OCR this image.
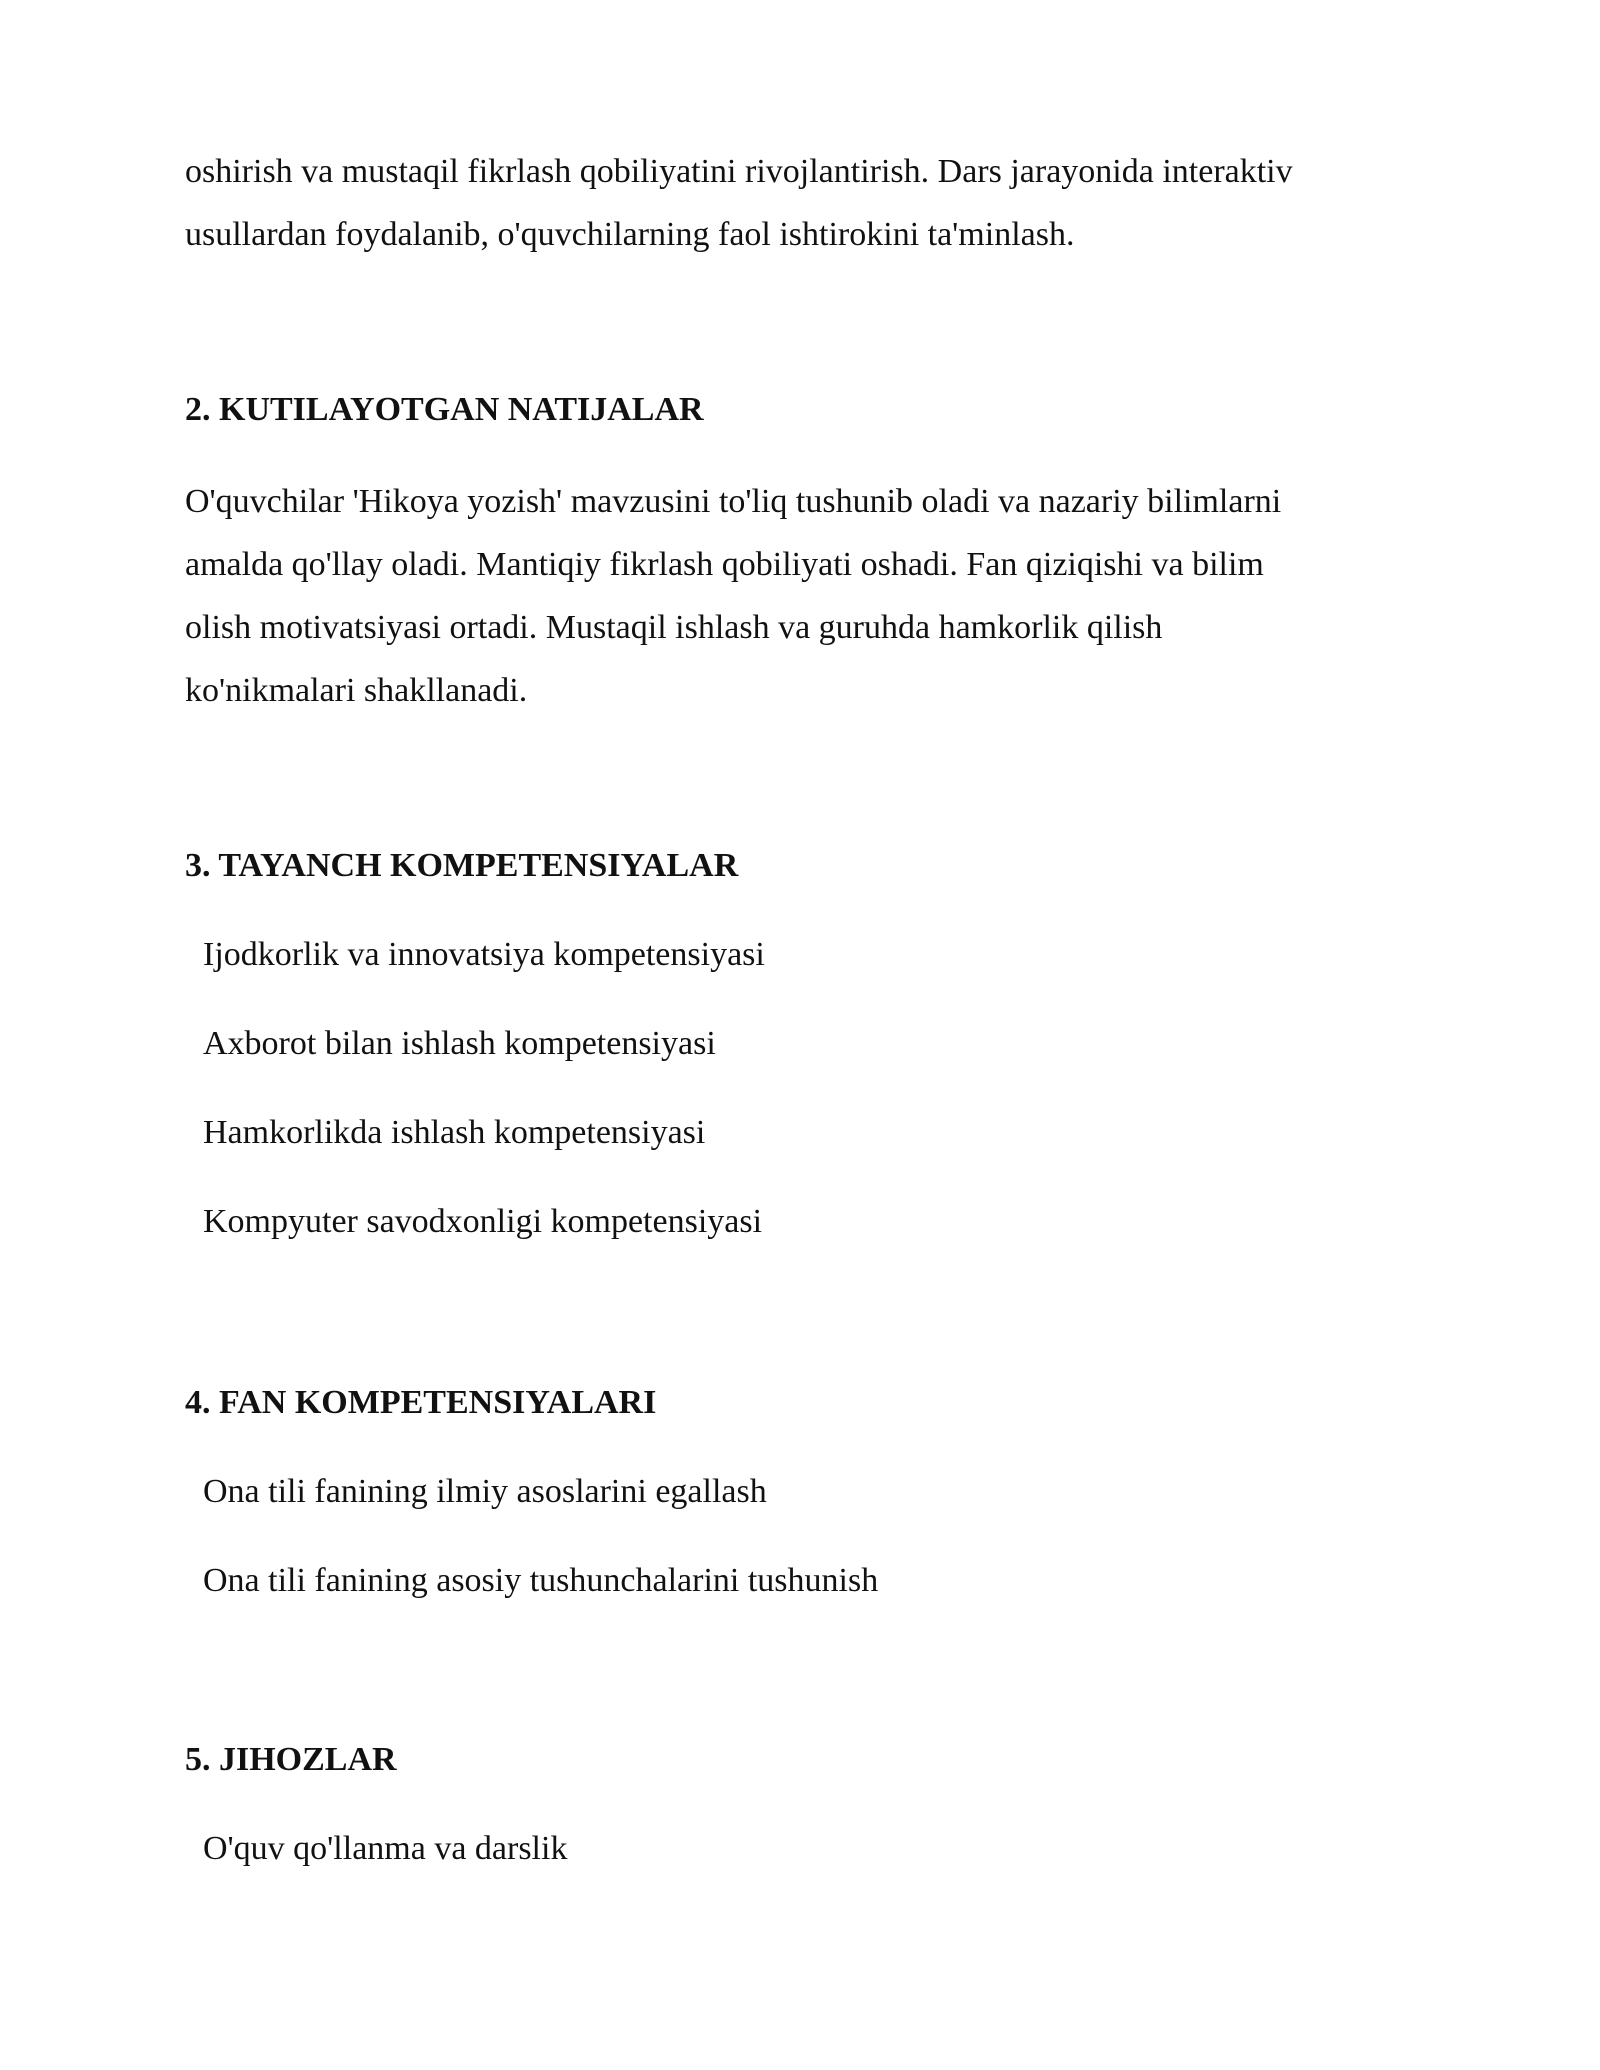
oshirish va mustaqil fikrlash qobiliyatini rivojlantirish. Dars jarayonida interaktiv
usullardan foydalanib, o'quvchilarning faol ishtirokini ta'minlash.

2. KUTILAYOTGAN NATIJALAR

O'quvchilar 'Hikoya yozish' mavzusini to'liq tushunib oladi va nazariy bilimlarni
amalda qo'llay oladi. Mantiqiy fikrlash qobiliyati oshadi. Fan qiziqishi va bilim
olish motivatsiyasi ortadi. Mustaqil ishlash va guruhda hamkorlik qilish
ko'nikmalari shakllanadi.

3. TAYANCH KOMPETENSIYALAR

Ijodkorlik va innovatsiya kompetensiyasi

Axborot bilan ishlash kompetensiyasi

Hamkorlikda ishlash kompetensiyasi

Kompyuter savodxonligi kompetensiyasi

4. FAN KOMPETENSIYALARI

Ona tili fanining ilmiy asoslarini egallash

Ona tili fanining asosiy tushunchalarini tushunish

5. JIHOZLAR

O'quv qo'llanma va darslik
